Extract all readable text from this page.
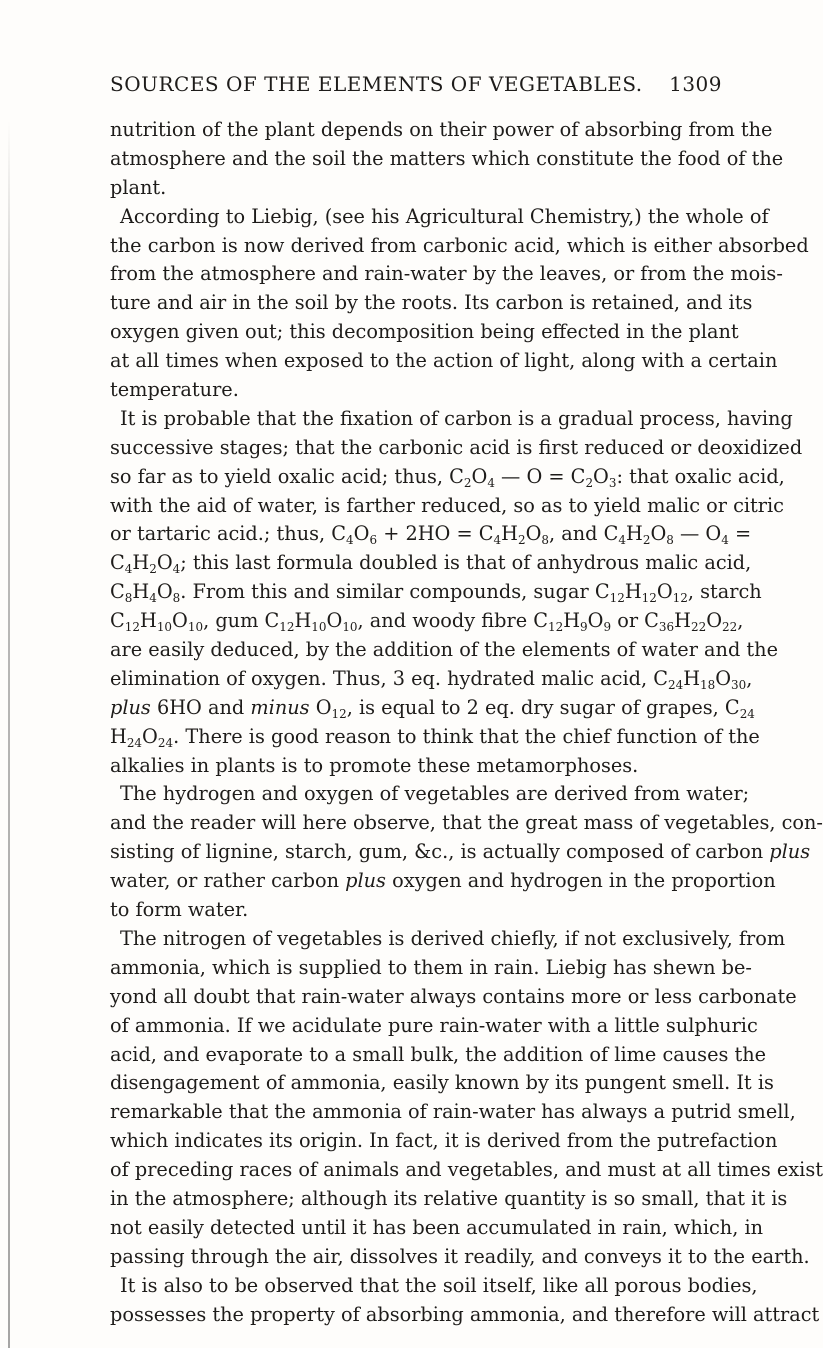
SOURCES OF THE ELEMENTS OF VEGETABLES. 1309
nutrition of the plant depends on their power of absorbing from the
atmosphere and the soil the matters which constitute the food of the
plant.
According to Liebig, (see his Agricultural Chemistry,) the whole of
the carbon is now derived from carbonic acid, which is either absorbed
from the atmosphere and rain-water by the leaves, or from the mois-
ture and air in the soil by the roots. Its carbon is retained, and its
oxygen given out; this decomposition being effected in the plant
at all times when exposed to the action of light, along with a certain
temperature.
It is probable that the fixation of carbon is a gradual process, having
successive stages; that the carbonic acid is first reduced or deoxidized
so far as to yield oxalic acid; thus, $C_2O_4$ — $O = C_2O_3$: that oxalic acid,
with the aid of water, is farther reduced, so as to yield malic or citric
or tartaric acid.; thus, $C_4O_6 + 2HO = C_4H_2O_8$, and $C_4H_2O_8$ — $O_4$ =
$C_4H_2O_4$; this last formula doubled is that of anhydrous malic acid,
$C_8H_4O_8$. From this and similar compounds, sugar $C_{12}H_{12}O_{12}$, starch
$C_{12}H_{10}O_{10}$, gum $C_{12}H_{10}O_{10}$, and woody fibre $C_{12}H_9O_9$ or $C_{36}H_{22}O_{22}$,
are easily deduced, by the addition of the elements of water and the
elimination of oxygen. Thus, 3 eq. hydrated malic acid, $C_{24}H_{18}O_{30}$,
plus 6HO and minus $O_{12}$, is equal to 2 eq. dry sugar of grapes, $C_{24}$
$H_{24}O_{24}$. There is good reason to think that the chief function of the
alkalies in plants is to promote these metamorphoses.
The hydrogen and oxygen of vegetables are derived from water;
and the reader will here observe, that the great mass of vegetables, con-
sisting of lignine, starch, gum, &c., is actually composed of carbon plus
water, or rather carbon plus oxygen and hydrogen in the proportion
to form water.
The nitrogen of vegetables is derived chiefly, if not exclusively, from
ammonia, which is supplied to them in rain. Liebig has shewn be-
yond all doubt that rain-water always contains more or less carbonate
of ammonia. If we acidulate pure rain-water with a little sulphuric
acid, and evaporate to a small bulk, the addition of lime causes the
disengagement of ammonia, easily known by its pungent smell. It is
remarkable that the ammonia of rain-water has always a putrid smell,
which indicates its origin. In fact, it is derived from the putrefaction
of preceding races of animals and vegetables, and must at all times exist
in the atmosphere; although its relative quantity is so small, that it is
not easily detected until it has been accumulated in rain, which, in
passing through the air, dissolves it readily, and conveys it to the earth.
It is also to be observed that the soil itself, like all porous bodies,
possesses the property of absorbing ammonia, and therefore will attract
